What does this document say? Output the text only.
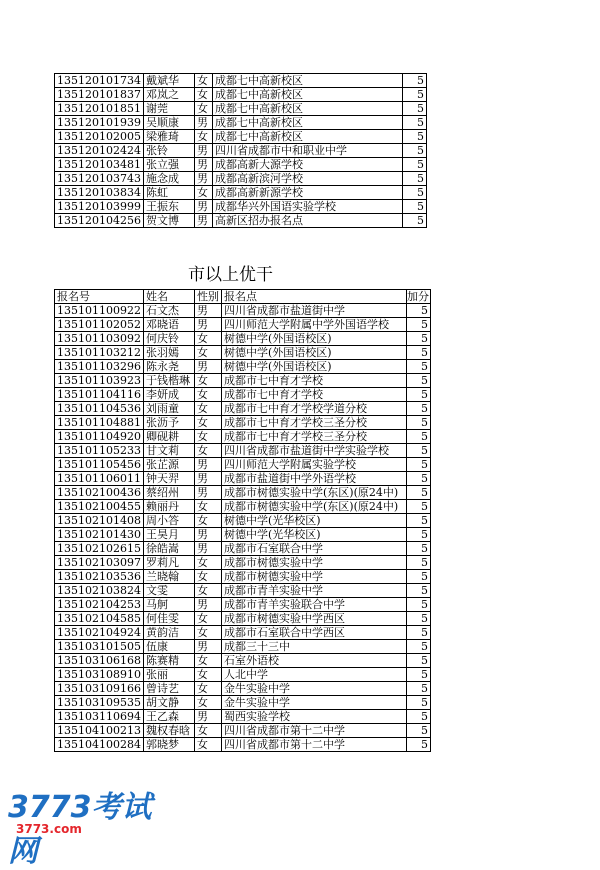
135120101734	戴斌华	女	成都七中高新校区	5
135120101837	邓岚之	女	成都七中高新校区	5
135120101851	谢莞	女	成都七中高新校区	5
135120101939	吴顺康	男	成都七中高新校区	5
135120102005	梁雅琦	女	成都七中高新校区	5
135120102424	张铃	男	四川省成都市中和职业中学	5
135120103481	张立强	男	成都高新大源学校	5
135120103743	施念成	男	成都高新滨河学校	5
135120103834	陈虹	女	成都高新新源学校	5
135120103999	王振东	男	成都华兴外国语实验学校	5
135120104256	贺文博	男	高新区招办报名点	5
市以上优干
报名号	姓名	性别	报名点	加分
135101100922	石文杰	男	四川省成都市盐道街中学	5
135101102052	邓晓语	男	四川师范大学附属中学外国语学校	5
135101103092	何庆铃	女	树德中学(外国语校区)	5
135101103212	张羽嫣	女	树德中学(外国语校区)	5
135101103296	陈永尧	男	树德中学(外国语校区)	5
135101103923	于钱楷琳	女	成都市七中育才学校	5
135101104116	李妍成	女	成都市七中育才学校	5
135101104536	刘雨童	女	成都市七中育才学校学道分校	5
135101104881	张沥予	女	成都市七中育才学校三圣分校	5
135101104920	卿砚耕	女	成都市七中育才学校三圣分校	5
135101105233	甘文莉	女	四川省成都市盐道街中学实验学校	5
135101105456	张芷源	男	四川师范大学附属实验学校	5
135101106011	钟天羿	男	成都市盐道街中学外语学校	5
135102100436	蔡绍州	男	成都市树德实验中学(东区)(原24中)	5
135102100455	赖丽丹	女	成都市树德实验中学(东区)(原24中)	5
135102101408	周小答	女	树德中学(光华校区)	5
135102101430	王昊月	男	树德中学(光华校区)	5
135102102615	徐皓嵩	男	成都市石室联合中学	5
135102103097	罗莉凡	女	成都市树德实验中学	5
135102103536	兰晓翰	女	成都市树德实验中学	5
135102103824	文雯	女	成都市青羊实验中学	5
135102104253	马舸	男	成都市青羊实验联合中学	5
135102104585	何佳雯	女	成都市树德实验中学西区	5
135102104924	黄韵洁	女	成都市石室联合中学西区	5
135103101505	伍康	男	成都三十三中	5
135103106168	陈赛精	女	石室外语校	5
135103108910	张丽	女	人北中学	5
135103109166	曾诗艺	女	金牛实验中学	5
135103109535	胡文静	女	金牛实验中学	5
135103110694	王乙森	男	蜀西实验学校	5
135104100213	魏权春晗	女	四川省成都市第十二中学	5
135104100284	郭晓梦	女	四川省成都市第十二中学	5
3773考试网
3773.com
